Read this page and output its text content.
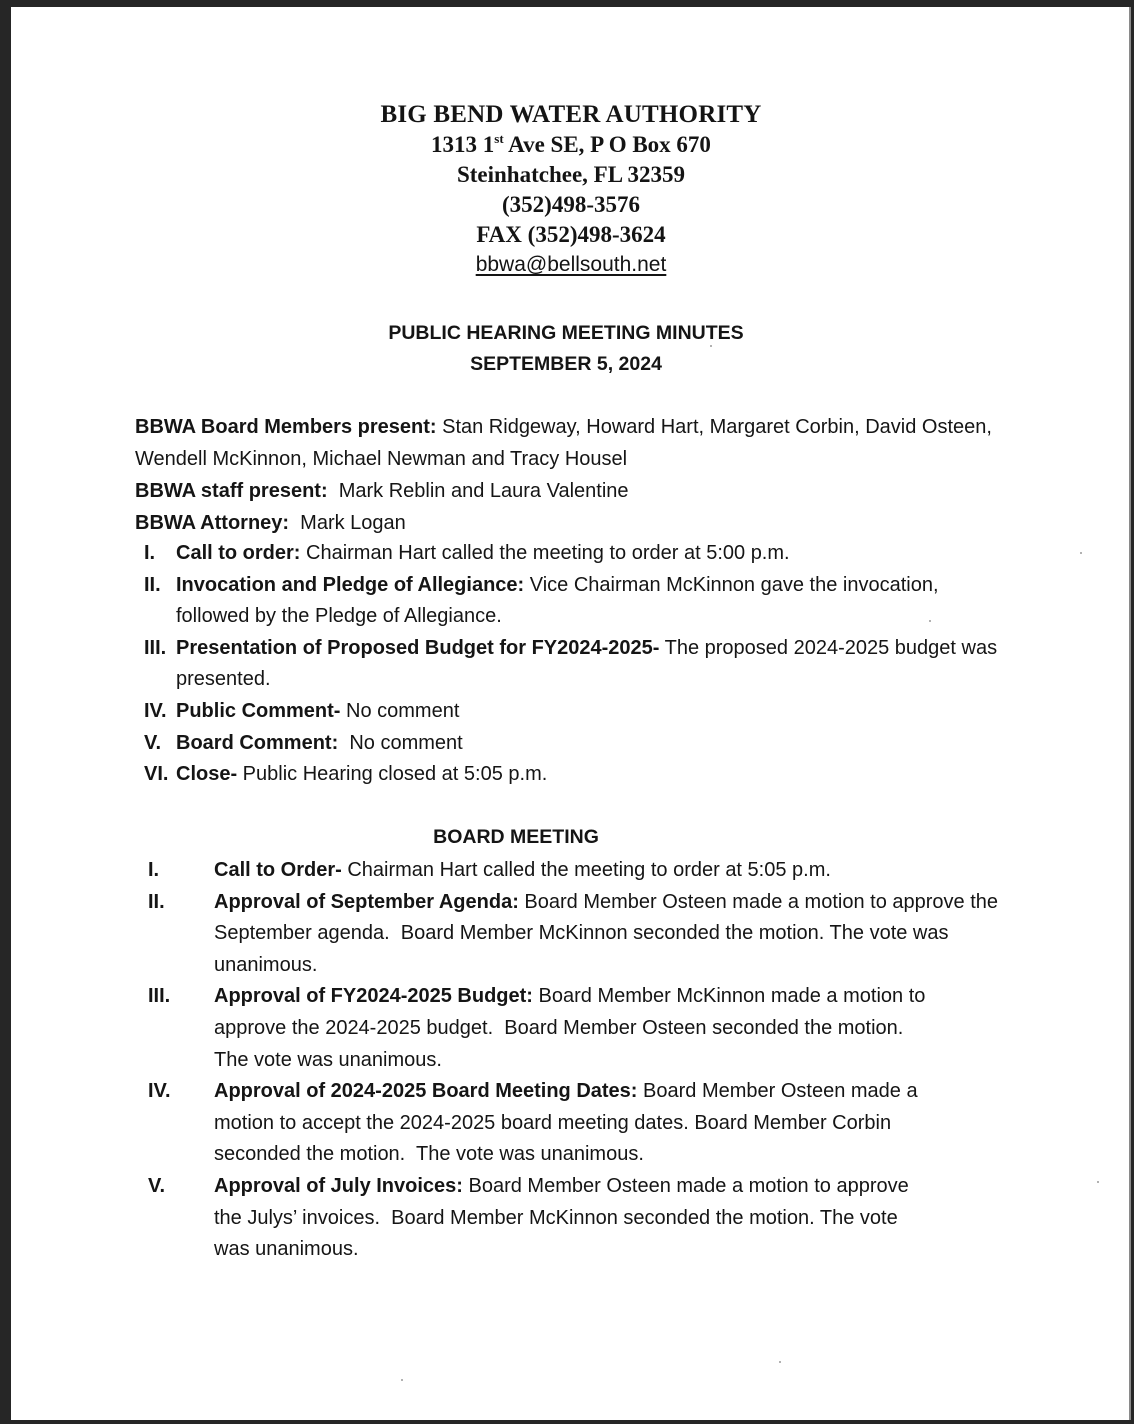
BIG BEND WATER AUTHORITY
1313 1st Ave SE, P O Box 670
Steinhatchee, FL 32359
(352)498-3576
FAX (352)498-3624
bbwa@bellsouth.net
PUBLIC HEARING MEETING MINUTES
SEPTEMBER 5, 2024
BBWA Board Members present: Stan Ridgeway, Howard Hart, Margaret Corbin, David Osteen, Wendell McKinnon, Michael Newman and Tracy Housel
BBWA staff present:  Mark Reblin and Laura Valentine
BBWA Attorney:  Mark Logan
I.	Call to order: Chairman Hart called the meeting to order at 5:00 p.m.
II. Invocation and Pledge of Allegiance: Vice Chairman McKinnon gave the invocation, followed by the Pledge of Allegiance.
III. Presentation of Proposed Budget for FY2024-2025- The proposed 2024-2025 budget was presented.
IV. Public Comment- No comment
V. Board Comment:  No comment
VI. Close- Public Hearing closed at 5:05 p.m.
BOARD MEETING
I.	Call to Order- Chairman Hart called the meeting to order at 5:05 p.m.
II.	Approval of September Agenda: Board Member Osteen made a motion to approve the September agenda.  Board Member McKinnon seconded the motion. The vote was unanimous.
III.	Approval of FY2024-2025 Budget: Board Member McKinnon made a motion to approve the 2024-2025 budget.  Board Member Osteen seconded the motion.  The vote was unanimous.
IV.	Approval of 2024-2025 Board Meeting Dates: Board Member Osteen made a motion to accept the 2024-2025 board meeting dates. Board Member Corbin seconded the motion.  The vote was unanimous.
V.	Approval of July Invoices: Board Member Osteen made a motion to approve the Julys’ invoices.  Board Member McKinnon seconded the motion. The vote was unanimous.
